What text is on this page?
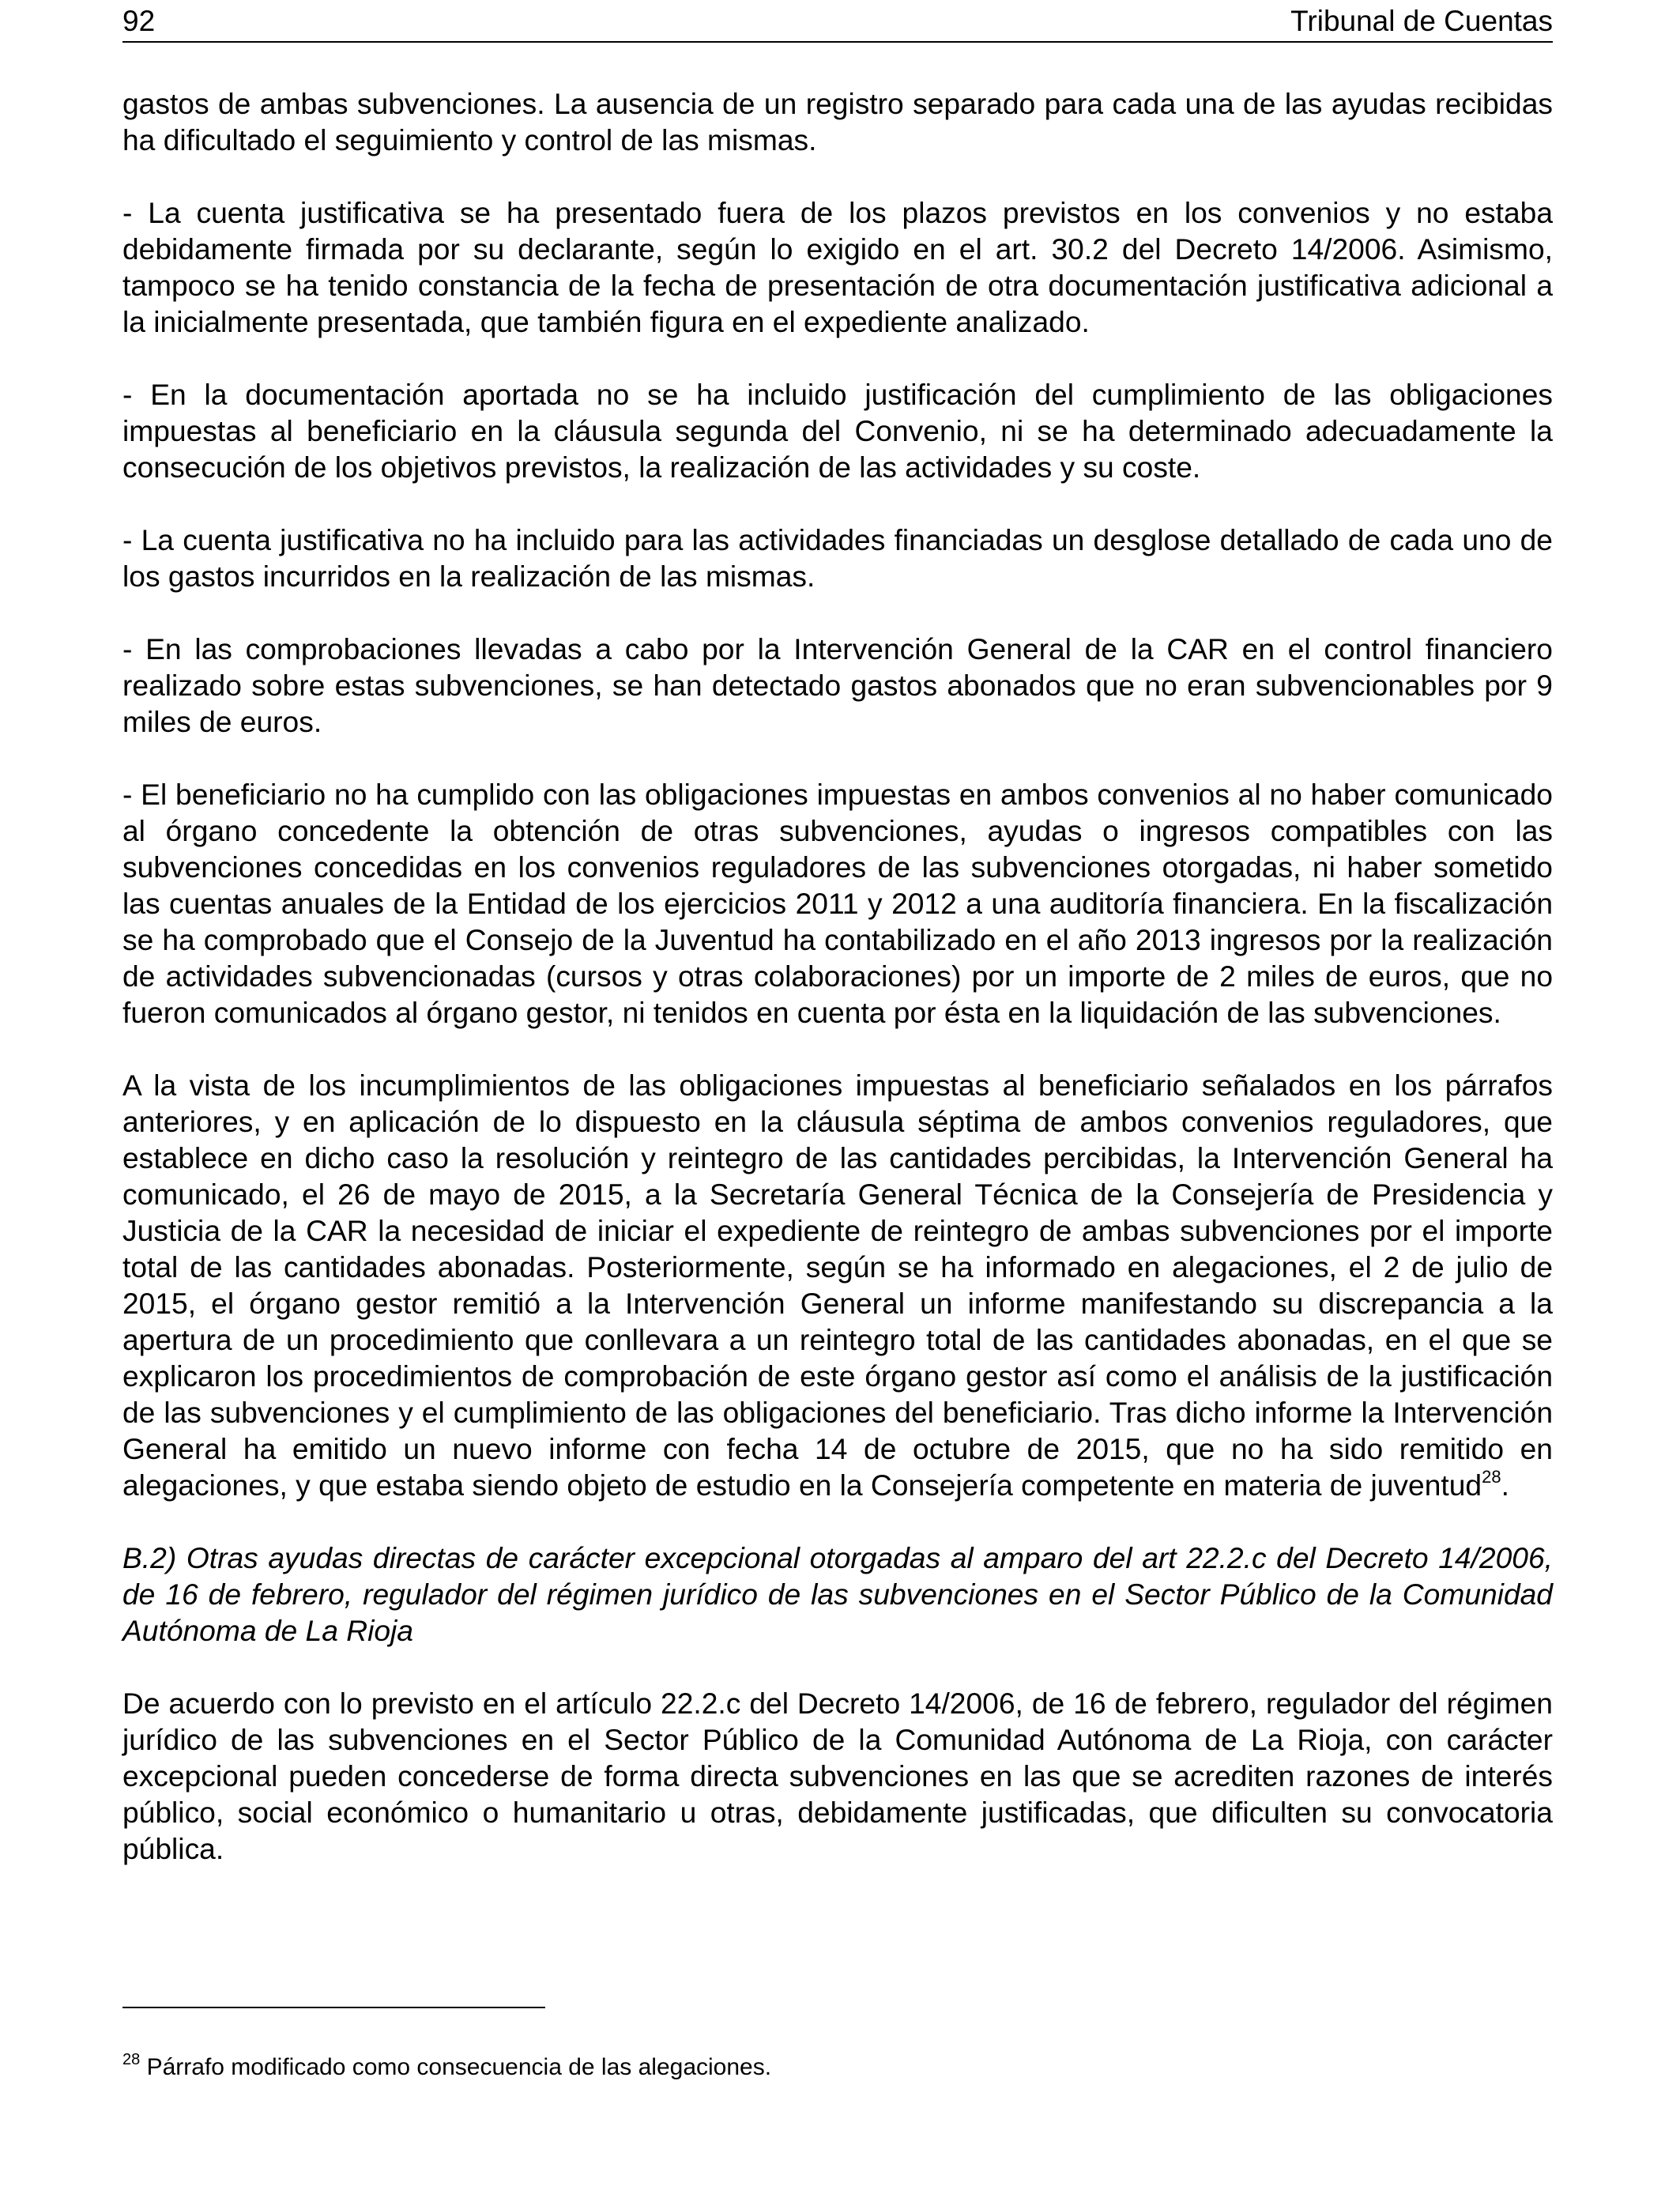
92	Tribunal de Cuentas

gastos de ambas subvenciones. La ausencia de un registro separado para cada una de las ayudas recibidas ha dificultado el seguimiento y control de las mismas.

- La cuenta justificativa se ha presentado fuera de los plazos previstos en los convenios y no estaba debidamente firmada por su declarante, según lo exigido en el art. 30.2 del Decreto 14/2006. Asimismo, tampoco se ha tenido constancia de la fecha de presentación de otra documentación justificativa adicional a la inicialmente presentada, que también figura en el expediente analizado.

- En la documentación aportada no se ha incluido justificación del cumplimiento de las obligaciones impuestas al beneficiario en la cláusula segunda del Convenio, ni se ha determinado adecuadamente la consecución de los objetivos previstos, la realización de las actividades y su coste.

- La cuenta justificativa no ha incluido para las actividades financiadas un desglose detallado de cada uno de los gastos incurridos en la realización de las mismas.

- En las comprobaciones llevadas a cabo por la Intervención General de la CAR en el control financiero realizado sobre estas subvenciones, se han detectado gastos abonados que no eran subvencionables por 9 miles de euros.

- El beneficiario no ha cumplido con las obligaciones impuestas en ambos convenios al no haber comunicado al órgano concedente la obtención de otras subvenciones, ayudas o ingresos compatibles con las subvenciones concedidas en los convenios reguladores de las subvenciones otorgadas, ni haber sometido las cuentas anuales de la Entidad de los ejercicios 2011 y 2012 a una auditoría financiera. En la fiscalización se ha comprobado que el Consejo de la Juventud ha contabilizado en el año 2013 ingresos por la realización de actividades subvencionadas (cursos y otras colaboraciones) por un importe de 2 miles de euros, que no fueron comunicados al órgano gestor, ni tenidos en cuenta por ésta en la liquidación de las subvenciones.

A la vista de los incumplimientos de las obligaciones impuestas al beneficiario señalados en los párrafos anteriores, y en aplicación de lo dispuesto en la cláusula séptima de ambos convenios reguladores, que establece en dicho caso la resolución y reintegro de las cantidades percibidas, la Intervención General ha comunicado, el 26 de mayo de 2015, a la Secretaría General Técnica de la Consejería de Presidencia y Justicia de la CAR la necesidad de iniciar el expediente de reintegro de ambas subvenciones por el importe total de las cantidades abonadas. Posteriormente, según se ha informado en alegaciones, el 2 de julio de 2015, el órgano gestor remitió a la Intervención General un informe manifestando su discrepancia a la apertura de un procedimiento que conllevara a un reintegro total de las cantidades abonadas, en el que se explicaron los procedimientos de comprobación de este órgano gestor así como el análisis de la justificación de las subvenciones y el cumplimiento de las obligaciones del beneficiario. Tras dicho informe la Intervención General ha emitido un nuevo informe con fecha 14 de octubre de 2015, que no ha sido remitido en alegaciones, y que estaba siendo objeto de estudio en la Consejería competente en materia de juventud$^{28}$.

B.2) Otras ayudas directas de carácter excepcional otorgadas al amparo del art 22.2.c del Decreto 14/2006, de 16 de febrero, regulador del régimen jurídico de las subvenciones en el Sector Público de la Comunidad Autónoma de La Rioja

De acuerdo con lo previsto en el artículo 22.2.c del Decreto 14/2006, de 16 de febrero, regulador del régimen jurídico de las subvenciones en el Sector Público de la Comunidad Autónoma de La Rioja, con carácter excepcional pueden concederse de forma directa subvenciones en las que se acrediten razones de interés público, social económico o humanitario u otras, debidamente justificadas, que dificulten su convocatoria pública.

$^{28}$ Párrafo modificado como consecuencia de las alegaciones.
